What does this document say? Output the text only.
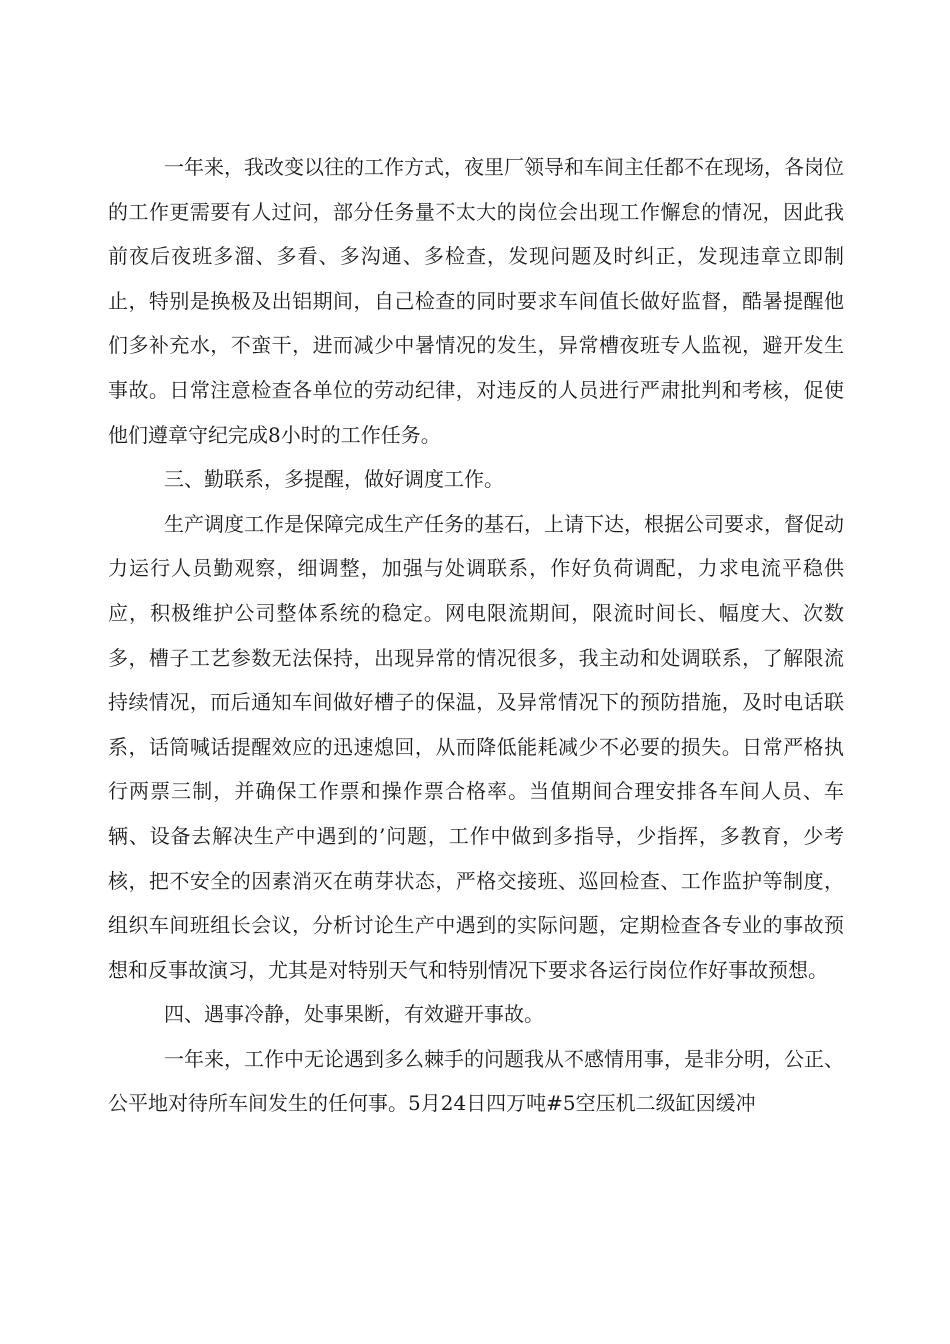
一年来，我改变以往的工作方式，夜里厂领导和车间主任都不在现场，各岗位的工作更需要有人过问，部分任务量不太大的岗位会出现工作懈怠的情况，因此我前夜后夜班多溜、多看、多沟通、多检查，发现问题及时纠正，发现违章立即制止，特别是换极及出铝期间，自己检查的同时要求车间值长做好监督，酷暑提醒他们多补充水，不蛮干，进而减少中暑情况的发生，异常槽夜班专人监视，避开发生事故。日常注意检查各单位的劳动纪律，对违反的人员进行严肃批判和考核，促使他们遵章守纪完成8小时的工作任务。

三、勤联系，多提醒，做好调度工作。

生产调度工作是保障完成生产任务的基石，上请下达，根据公司要求，督促动力运行人员勤观察，细调整，加强与处调联系，作好负荷调配，力求电流平稳供应，积极维护公司整体系统的稳定。网电限流期间，限流时间长、幅度大、次数多，槽子工艺参数无法保持，出现异常的情况很多，我主动和处调联系，了解限流持续情况，而后通知车间做好槽子的保温，及异常情况下的预防措施，及时电话联系，话筒喊话提醒效应的迅速熄回，从而降低能耗减少不必要的损失。日常严格执行两票三制，并确保工作票和操作票合格率。当值期间合理安排各车间人员、车辆、设备去解决生产中遇到的’问题，工作中做到多指导，少指挥，多教育，少考核，把不安全的因素消灭在萌芽状态，严格交接班、巡回检查、工作监护等制度，组织车间班组长会议，分析讨论生产中遇到的实际问题，定期检查各专业的事故预想和反事故演习，尤其是对特别天气和特别情况下要求各运行岗位作好事故预想。

四、遇事冷静，处事果断，有效避开事故。

一年来，工作中无论遇到多么棘手的问题我从不感情用事，是非分明，公正、公平地对待所车间发生的任何事。5月24日四万吨#5空压机二级缸因缓冲
